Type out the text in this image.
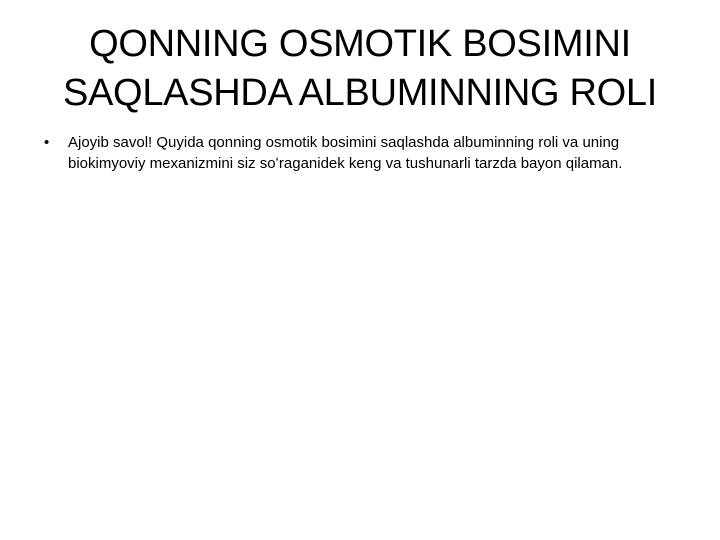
QONNING OSMOTIK BOSIMINI SAQLASHDA ALBUMINNING ROLI
• Ajoyib savol! Quyida qonning osmotik bosimini saqlashda albuminning roli va uning biokimyoviy mexanizmini siz soʻraganidek keng va tushunarli tarzda bayon qilaman.
